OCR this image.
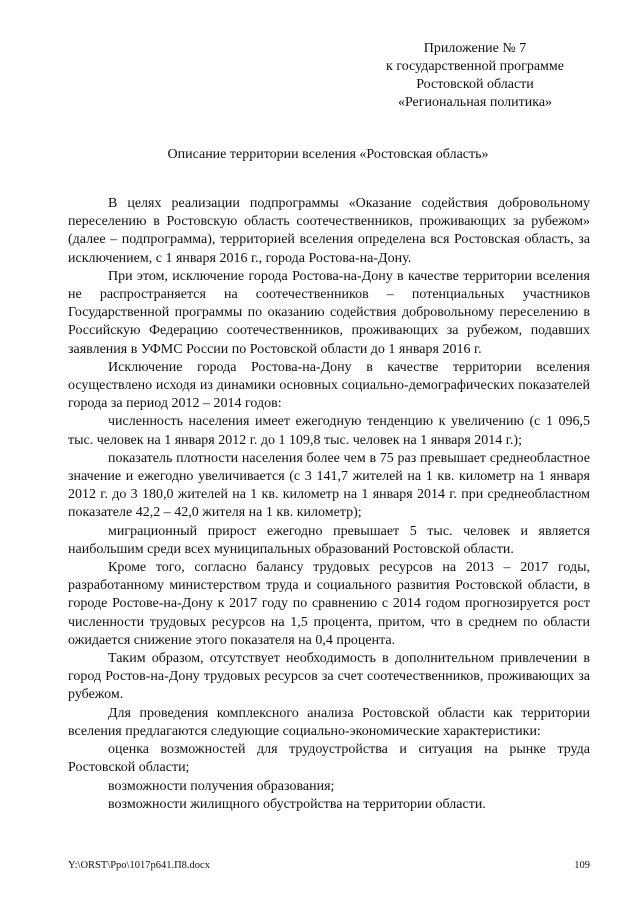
Приложение № 7
к государственной программе
Ростовской области
«Региональная политика»
Описание территории вселения «Ростовская область»

В целях реализации подпрограммы «Оказание содействия добровольному переселению в Ростовскую область соотечественников, проживающих за рубежом» (далее – подпрограмма), территорией вселения определена вся Ростовская область, за исключением, с 1 января 2016 г., города Ростова-на-Дону.

При этом, исключение города Ростова-на-Дону в качестве территории вселения не распространяется на соотечественников – потенциальных участников Государственной программы по оказанию содействия добровольному переселению в Российскую Федерацию соотечественников, проживающих за рубежом, подавших заявления в УФМС России по Ростовской области до 1 января 2016 г.

Исключение города Ростова-на-Дону в качестве территории вселения осуществлено исходя из динамики основных социально-демографических показателей города за период 2012 – 2014 годов:

численность населения имеет ежегодную тенденцию к увеличению (с 1 096,5 тыс. человек на 1 января 2012 г. до 1 109,8 тыс. человек на 1 января 2014 г.);

показатель плотности населения более чем в 75 раз превышает среднеобластное значение и ежегодно увеличивается (с 3 141,7 жителей на 1 кв. километр на 1 января 2012 г. до 3 180,0 жителей на 1 кв. километр на 1 января 2014 г. при среднеобластном показателе 42,2 – 42,0 жителя на 1 кв. километр);

миграционный прирост ежегодно превышает 5 тыс. человек и является наибольшим среди всех муниципальных образований Ростовской области.

Кроме того, согласно балансу трудовых ресурсов на 2013 – 2017 годы, разработанному министерством труда и социального развития Ростовской области, в городе Ростове-на-Дону к 2017 году по сравнению с 2014 годом прогнозируется рост численности трудовых ресурсов на 1,5 процента, притом, что в среднем по области ожидается снижение этого показателя на 0,4 процента.

Таким образом, отсутствует необходимость в дополнительном привлечении в город Ростов-на-Дону трудовых ресурсов за счет соотечественников, проживающих за рубежом.

Для проведения комплексного анализа Ростовской области как территории вселения предлагаются следующие социально-экономические характеристики:

оценка возможностей для трудоустройства и ситуация на рынке труда Ростовской области;

возможности получения образования;

возможности жилищного обустройства на территории области.

Y:\ORST\Ppo\1017p641.П8.docx	109
